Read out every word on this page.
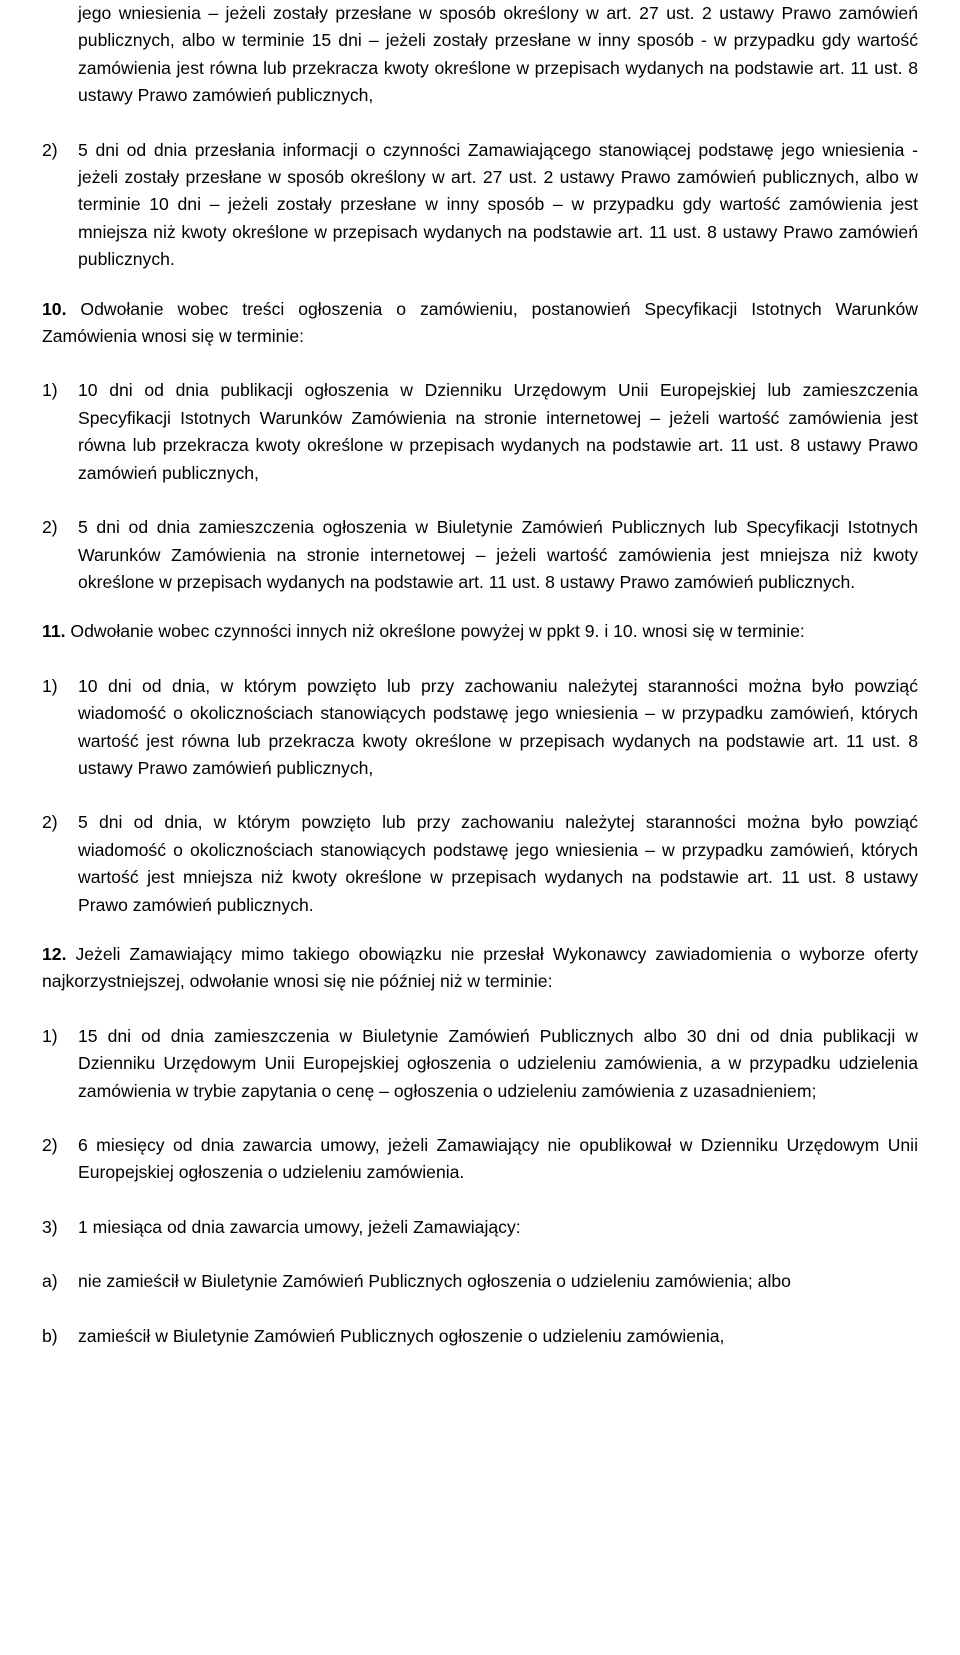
jego wniesienia – jeżeli zostały przesłane w sposób określony w art. 27 ust. 2 ustawy Prawo zamówień publicznych, albo w terminie 15 dni – jeżeli zostały przesłane w inny sposób - w przypadku gdy wartość zamówienia jest równa lub przekracza kwoty określone w przepisach wydanych na podstawie art. 11 ust. 8 ustawy Prawo zamówień publicznych,
2) 5 dni od dnia przesłania informacji o czynności Zamawiającego stanowiącej podstawę jego wniesienia - jeżeli zostały przesłane w sposób określony w art. 27 ust. 2 ustawy Prawo zamówień publicznych, albo w terminie 10 dni – jeżeli zostały przesłane w inny sposób – w przypadku gdy wartość zamówienia jest mniejsza niż kwoty określone w przepisach wydanych na podstawie art. 11 ust. 8 ustawy Prawo zamówień publicznych.
10. Odwołanie wobec treści ogłoszenia o zamówieniu, postanowień Specyfikacji Istotnych Warunków Zamówienia wnosi się w terminie:
1) 10 dni od dnia publikacji ogłoszenia w Dzienniku Urzędowym Unii Europejskiej lub zamieszczenia Specyfikacji Istotnych Warunków Zamówienia na stronie internetowej – jeżeli wartość zamówienia jest równa lub przekracza kwoty określone w przepisach wydanych na podstawie art. 11 ust. 8 ustawy Prawo zamówień publicznych,
2) 5 dni od dnia zamieszczenia ogłoszenia w Biuletynie Zamówień Publicznych lub Specyfikacji Istotnych Warunków Zamówienia na stronie internetowej – jeżeli wartość zamówienia jest mniejsza niż kwoty określone w przepisach wydanych na podstawie art. 11 ust. 8 ustawy Prawo zamówień publicznych.
11. Odwołanie wobec czynności innych niż określone powyżej w ppkt 9. i 10. wnosi się w terminie:
1) 10 dni od dnia, w którym powzięto lub przy zachowaniu należytej staranności można było powziąć wiadomość o okolicznościach stanowiących podstawę jego wniesienia – w przypadku zamówień, których wartość jest równa lub przekracza kwoty określone w przepisach wydanych na podstawie art. 11 ust. 8 ustawy Prawo zamówień publicznych,
2) 5 dni od dnia, w którym powzięto lub przy zachowaniu należytej staranności można było powziąć wiadomość o okolicznościach stanowiących podstawę jego wniesienia – w przypadku zamówień, których wartość jest mniejsza niż kwoty określone w przepisach wydanych na podstawie art. 11 ust. 8 ustawy Prawo zamówień publicznych.
12. Jeżeli Zamawiający mimo takiego obowiązku nie przesłał Wykonawcy zawiadomienia o wyborze oferty najkorzystniejszej, odwołanie wnosi się nie później niż w terminie:
1) 15 dni od dnia zamieszczenia w Biuletynie Zamówień Publicznych albo 30 dni od dnia publikacji w Dzienniku Urzędowym Unii Europejskiej ogłoszenia o udzieleniu zamówienia, a w przypadku udzielenia zamówienia w trybie zapytania o cenę – ogłoszenia o udzieleniu zamówienia z uzasadnieniem;
2) 6 miesięcy od dnia zawarcia umowy, jeżeli Zamawiający nie opublikował w Dzienniku Urzędowym Unii Europejskiej ogłoszenia o udzieleniu zamówienia.
3) 1 miesiąca od dnia zawarcia umowy, jeżeli Zamawiający:
a) nie zamieścił w Biuletynie Zamówień Publicznych ogłoszenia o udzieleniu zamówienia; albo
b) zamieścił w Biuletynie Zamówień Publicznych ogłoszenie o udzieleniu zamówienia,
